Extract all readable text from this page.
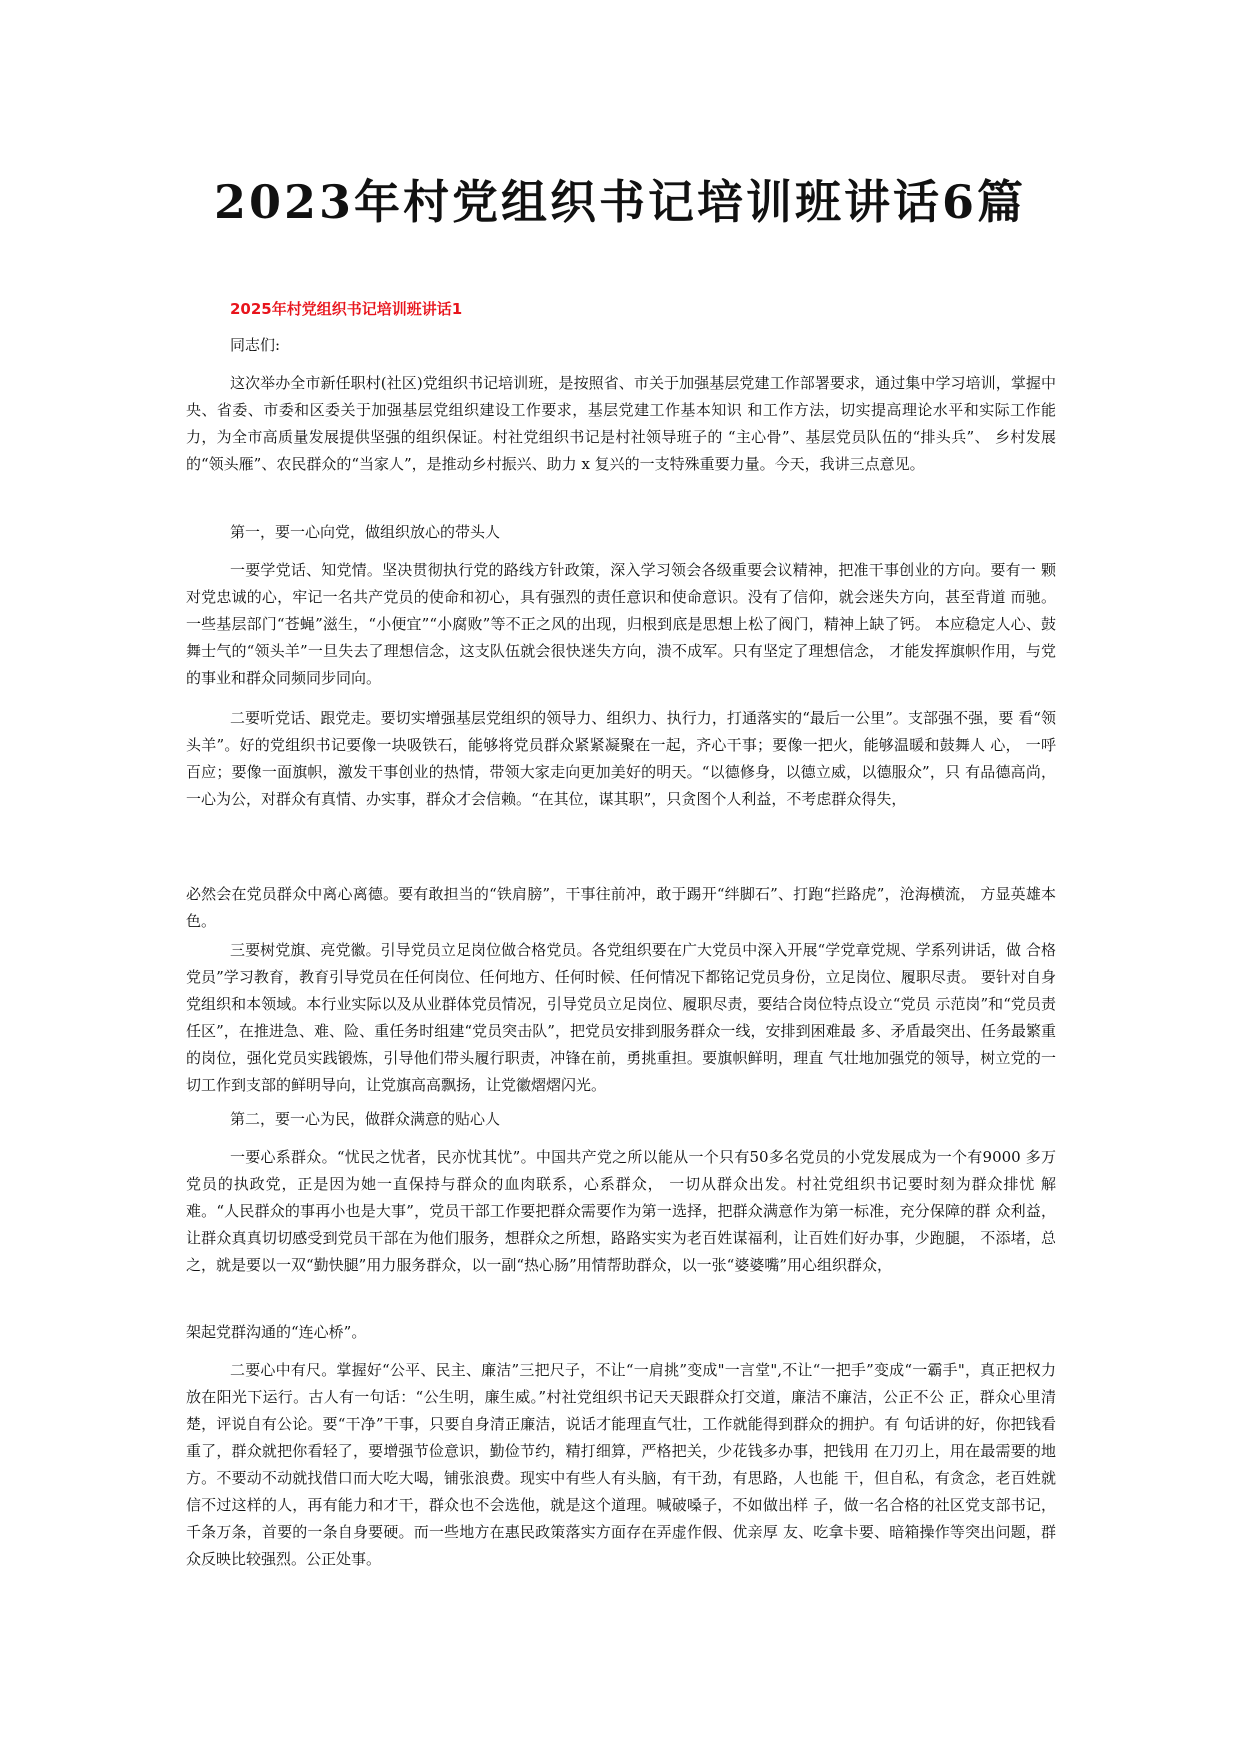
2023年村党组织书记培训班讲话6篇
2025年村党组织书记培训班讲话1

同志们:

这次举办全市新任职村(社区)党组织书记培训班，是按照省、市关于加强基层党建工作部署要求，通过集中学习培训，掌握中央、省委、市委和区委关于加强基层党组织建设工作要求，基层党建工作基本知识 和工作方法，切实提高理论水平和实际工作能力，为全市高质量发展提供坚强的组织保证。村社党组织书记是村社领导班子的 “主心骨”、基层党员队伍的“排头兵”、 乡村发展的“领头雁”、农民群众的“当家人”，是推动乡村振兴、助力 x 复兴的一支特殊重要力量。今天，我讲三点意见。

第一，要一心向党，做组织放心的带头人

一要学党话、知党情。坚决贯彻执行党的路线方针政策，深入学习领会各级重要会议精神，把准干事创业的方向。要有一 颗对党忠诚的心，牢记一名共产党员的使命和初心，具有强烈的责任意识和使命意识。没有了信仰，就会迷失方向，甚至背道 而驰。 一些基层部门“苍蝇”滋生，“小便宜”“小腐败”等不正之风的出现，归根到底是思想上松了阀门，精神上缺了钙。 本应稳定人心、鼓舞士气的“领头羊”一旦失去了理想信念，这支队伍就会很快迷失方向，溃不成军。只有坚定了理想信念， 才能发挥旗帜作用，与党的事业和群众同频同步同向。

二要听党话、跟党走。要切实增强基层党组织的领导力、组织力、执行力，打通落实的“最后一公里”。支部强不强，要 看“领头羊”。好的党组织书记要像一块吸铁石，能够将党员群众紧紧凝聚在一起，齐心干事；要像一把火，能够温暖和鼓舞人 心， 一呼百应；要像一面旗帜，激发干事创业的热情，带领大家走向更加美好的明天。“以德修身，以德立威，以德服众”，只 有品德高尚， 一心为公，对群众有真情、办实事，群众才会信赖。“在其位，谋其职”，只贪图个人利益，不考虑群众得失，

必然会在党员群众中离心离德。要有敢担当的“铁肩膀”，干事往前冲，敢于踢开“绊脚石”、打跑“拦路虎”，沧海横流， 方显英雄本色。

三要树党旗、亮党徽。引导党员立足岗位做合格党员。各党组织要在广大党员中深入开展“学党章党规、学系列讲话，做 合格党员”学习教育，教育引导党员在任何岗位、任何地方、任何时候、任何情况下都铭记党员身份，立足岗位、履职尽责。 要针对自身党组织和本领域。本行业实际以及从业群体党员情况，引导党员立足岗位、履职尽责，要结合岗位特点设立“党员 示范岗”和“党员责任区”，在推进急、难、险、重任务时组建“党员突击队”，把党员安排到服务群众一线，安排到困难最 多、矛盾最突出、任务最繁重的岗位，强化党员实践锻炼，引导他们带头履行职责，冲锋在前，勇挑重担。要旗帜鲜明，理直 气壮地加强党的领导，树立党的一切工作到支部的鲜明导向，让党旗高高飘扬，让党徽熠熠闪光。

第二，要一心为民，做群众满意的贴心人

一要心系群众。“忧民之忧者，民亦忧其忧”。中国共产党之所以能从一个只有50多名党员的小党发展成为一个有9000 多万党员的执政党，正是因为她一直保持与群众的血肉联系，心系群众， 一切从群众出发。村社党组织书记要时刻为群众排忧 解难。“人民群众的事再小也是大事”，党员干部工作要把群众需要作为第一选择，把群众满意作为第一标准，充分保障的群 众利益，让群众真真切切感受到党员干部在为他们服务，想群众之所想，路路实实为老百姓谋福利，让百姓们好办事，少跑腿， 不添堵，总之，就是要以一双“勤快腿”用力服务群众，以一副“热心肠”用情帮助群众，以一张“婆婆嘴”用心组织群众，

架起党群沟通的“连心桥”。

二要心中有尺。掌握好“公平、民主、廉洁”三把尺子，不让“一肩挑”变成"一言堂",不让“一把手”变成“一霸手"，真正把权力放在阳光下运行。古人有一句话：“公生明，廉生威。”村社党组织书记天天跟群众打交道，廉洁不廉洁，公正不公 正，群众心里清楚，评说自有公论。要“干净”干事，只要自身清正廉洁，说话才能理直气壮，工作就能得到群众的拥护。有 句话讲的好，你把钱看重了，群众就把你看轻了，要增强节俭意识，勤俭节约，精打细算，严格把关，少花钱多办事，把钱用 在刀刃上，用在最需要的地方。不要动不动就找借口而大吃大喝，铺张浪费。现实中有些人有头脑，有干劲，有思路，人也能 干，但自私，有贪念，老百姓就信不过这样的人，再有能力和才干，群众也不会选他，就是这个道理。喊破嗓子，不如做出样 子，做一名合格的社区党支部书记，千条万条，首要的一条自身要硬。而一些地方在惠民政策落实方面存在弄虚作假、优亲厚 友、吃拿卡要、暗箱操作等突出问题，群众反映比较强烈。公正处事。
